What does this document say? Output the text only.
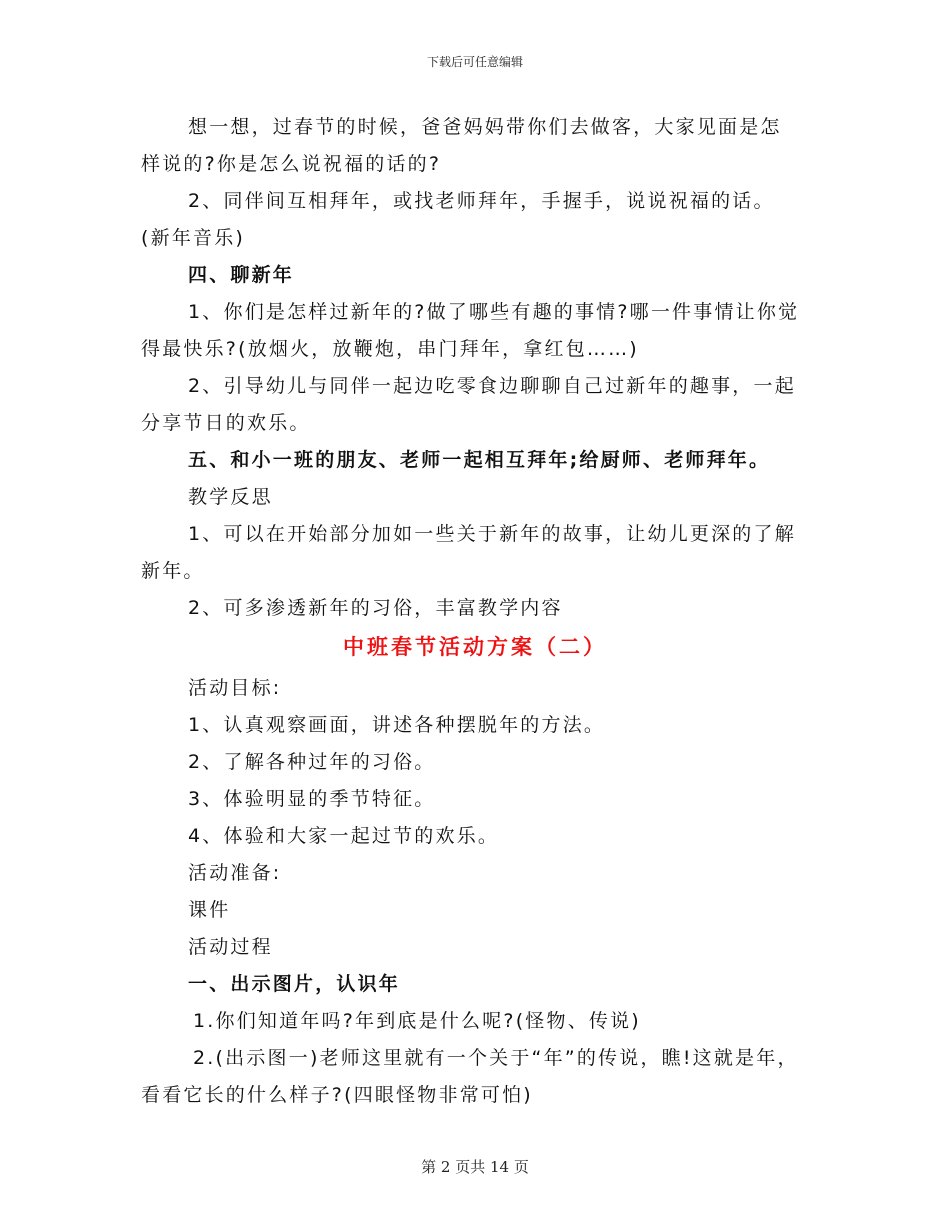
下载后可任意编辑
想一想，过春节的时候，爸爸妈妈带你们去做客，大家见面是怎
样说的?你是怎么说祝福的话的?
2、同伴间互相拜年，或找老师拜年，手握手，说说祝福的话。
(新年音乐)
四、聊新年
1、你们是怎样过新年的?做了哪些有趣的事情?哪一件事情让你觉
得最快乐?(放烟火，放鞭炮，串门拜年，拿红包……)
2、引导幼儿与同伴一起边吃零食边聊聊自己过新年的趣事，一起
分享节日的欢乐。
五、和小一班的朋友、老师一起相互拜年;给厨师、老师拜年。
教学反思
1、可以在开始部分加如一些关于新年的故事，让幼儿更深的了解
新年。
2、可多渗透新年的习俗，丰富教学内容
中班春节活动方案（二）
活动目标:
1、认真观察画面，讲述各种摆脱年的方法。
2、了解各种过年的习俗。
3、体验明显的季节特征。
4、体验和大家一起过节的欢乐。
活动准备:
课件
活动过程
一、出示图片，认识年
1.你们知道年吗?年到底是什么呢?(怪物、传说)
2.(出示图一)老师这里就有一个关于“年”的传说，瞧!这就是年，
看看它长的什么样子?(四眼怪物非常可怕)
第 2 页共 14 页
